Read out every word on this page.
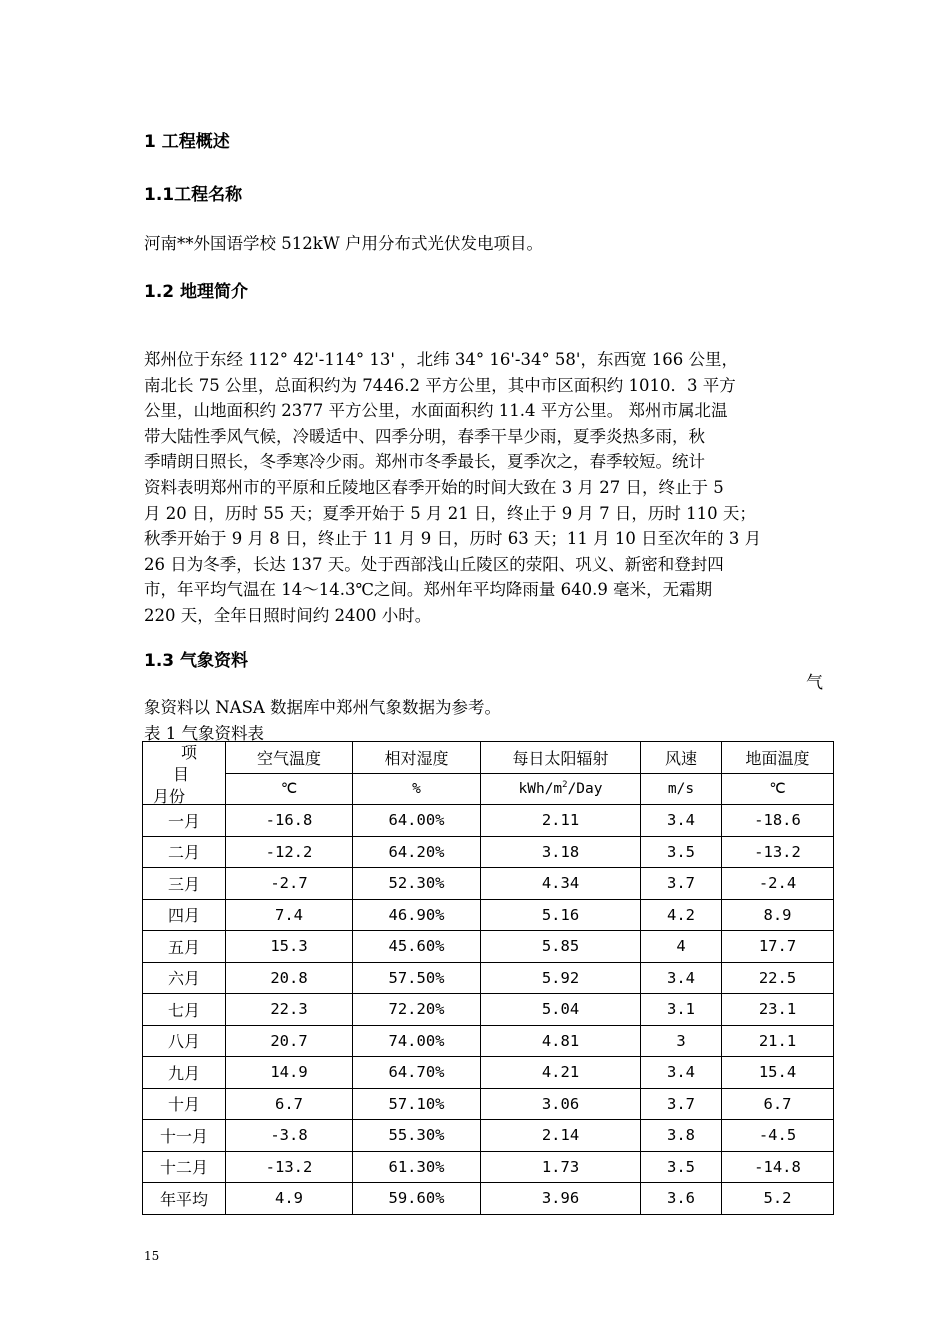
1 工程概述
1.1工程名称

河南**外国语学校 512kW 户用分布式光伏发电项目。

1.2 地理简介

郑州位于东经 112° 42'-114° 13' ，北纬 34° 16'-34° 58'，东西宽 166 公里，
南北长 75 公里，总面积约为 7446.2 平方公里，其中市区面积约 1010．3 平方
公里，山地面积约 2377 平方公里，水面面积约 11.4 平方公里。 郑州市属北温
带大陆性季风气候，冷暖适中、四季分明，春季干旱少雨，夏季炎热多雨，秋
季晴朗日照长，冬季寒冷少雨。郑州市冬季最长，夏季次之，春季较短。统计
资料表明郑州市的平原和丘陵地区春季开始的时间大致在 3 月 27 日，终止于 5
月 20 日，历时 55 天；夏季开始于 5 月 21 日，终止于 9 月 7 日，历时 110 天；
秋季开始于 9 月 8 日，终止于 11 月 9 日，历时 63 天；11 月 10 日至次年的 3 月
26 日为冬季，长达 137 天。处于西部浅山丘陵区的荥阳、巩义、新密和登封四
市，年平均气温在 14～14.3℃之间。郑州年平均降雨量 640.9 毫米，无霜期
220 天，全年日照时间约 2400 小时。

1.3 气象资料
气

象资料以 NASA 数据库中郑州气象数据为参考。

表 1 气象资料表
项
目
月份	空气温度	相对湿度	每日太阳辐射	风速	地面温度
	℃	%	kWh/$m^2$/Day	m/s	℃
一月	-16.8	64.00%	2.11	3.4	-18.6
二月	-12.2	64.20%	3.18	3.5	-13.2
三月	-2.7	52.30%	4.34	3.7	-2.4
四月	7.4	46.90%	5.16	4.2	8.9
五月	15.3	45.60%	5.85	4	17.7
六月	20.8	57.50%	5.92	3.4	22.5
七月	22.3	72.20%	5.04	3.1	23.1
八月	20.7	74.00%	4.81	3	21.1
九月	14.9	64.70%	4.21	3.4	15.4
十月	6.7	57.10%	3.06	3.7	6.7
十一月	-3.8	55.30%	2.14	3.8	-4.5
十二月	-13.2	61.30%	1.73	3.5	-14.8
年平均	4.9	59.60%	3.96	3.6	5.2
15
